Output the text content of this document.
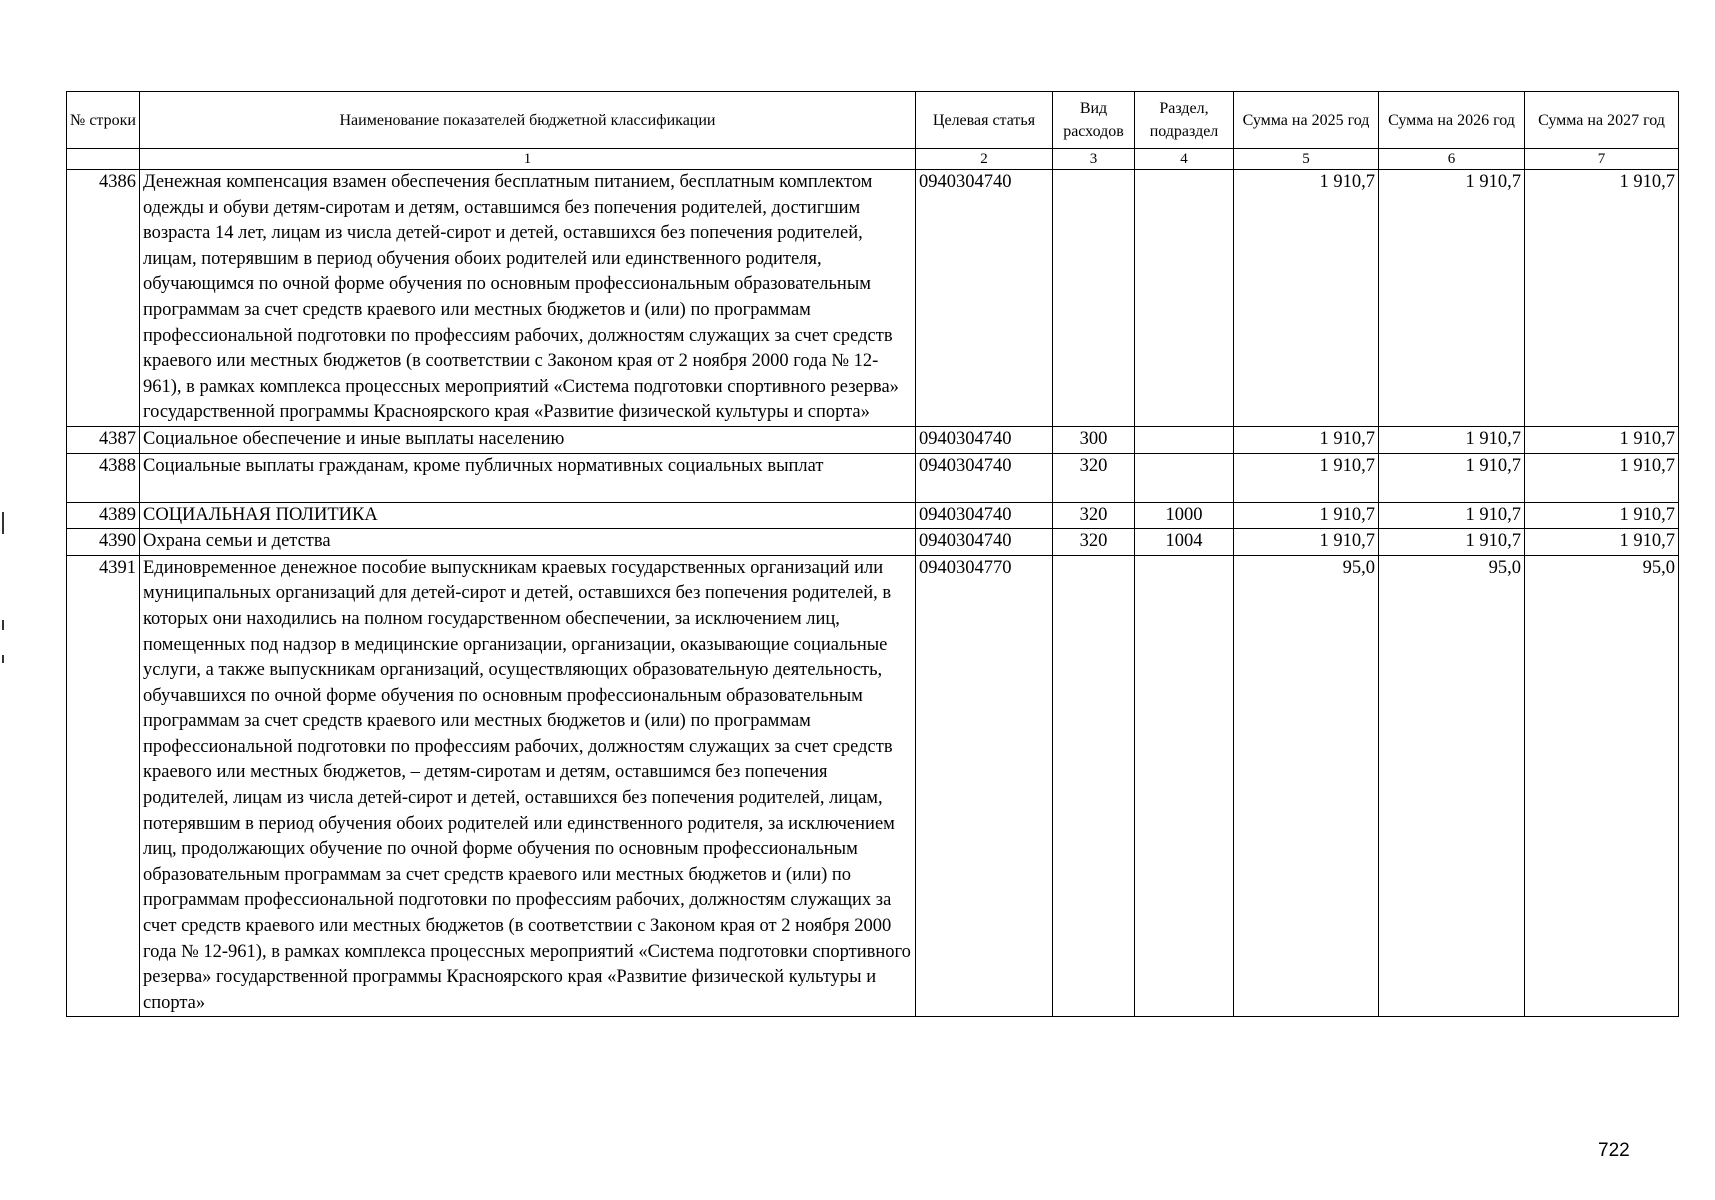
№ строки	Наименование показателей бюджетной классификации	Целевая статья	Вид расходов	Раздел, подраздел	Сумма на 2025 год	Сумма на 2026 год	Сумма на 2027 год
	1	2	3	4	5	6	7
4386	Денежная компенсация взамен обеспечения бесплатным питанием, бесплатным комплектом одежды и обуви детям-сиротам и детям, оставшимся без попечения родителей, достигшим возраста 14 лет, лицам из числа детей-сирот и детей, оставшихся без попечения родителей, лицам, потерявшим в период обучения обоих родителей или единственного родителя, обучающимся по очной форме обучения по основным профессиональным образовательным программам за счет средств краевого или местных бюджетов и (или) по программам профессиональной подготовки по профессиям рабочих, должностям служащих за счет средств краевого или местных бюджетов (в соответствии с Законом края от 2 ноября 2000 года № 12-961), в рамках комплекса процессных мероприятий «Система подготовки спортивного резерва» государственной программы Красноярского края «Развитие физической культуры и спорта»	0940304740			1 910,7	1 910,7	1 910,7
4387	Социальное обеспечение и иные выплаты населению	0940304740	300		1 910,7	1 910,7	1 910,7
4388	Социальные выплаты гражданам, кроме публичных нормативных социальных выплат	0940304740	320		1 910,7	1 910,7	1 910,7
4389	СОЦИАЛЬНАЯ ПОЛИТИКА	0940304740	320	1000	1 910,7	1 910,7	1 910,7
4390	Охрана семьи и детства	0940304740	320	1004	1 910,7	1 910,7	1 910,7
4391	Единовременное денежное пособие выпускникам краевых государственных организаций или муниципальных организаций для детей-сирот и детей, оставшихся без попечения родителей, в которых они находились на полном государственном обеспечении, за исключением лиц, помещенных под надзор в медицинские организации, организации, оказывающие социальные услуги, а также выпускникам организаций, осуществляющих образовательную деятельность, обучавшихся по очной форме обучения по основным профессиональным образовательным программам за счет средств краевого или местных бюджетов и (или) по программам профессиональной подготовки по профессиям рабочих, должностям служащих за счет средств краевого или местных бюджетов, – детям-сиротам и детям, оставшимся без попечения родителей, лицам из числа детей-сирот и детей, оставшихся без попечения родителей, лицам, потерявшим в период обучения обоих родителей или единственного родителя, за исключением лиц, продолжающих обучение по очной форме обучения по основным профессиональным образовательным программам за счет средств краевого или местных бюджетов и (или) по программам профессиональной подготовки по профессиям рабочих, должностям служащих за счет средств краевого или местных бюджетов (в соответствии с Законом края от 2 ноября 2000 года № 12-961), в рамках комплекса процессных мероприятий «Система подготовки спортивного резерва» государственной программы Красноярского края «Развитие физической культуры и спорта»	0940304770			95,0	95,0	95,0
722
